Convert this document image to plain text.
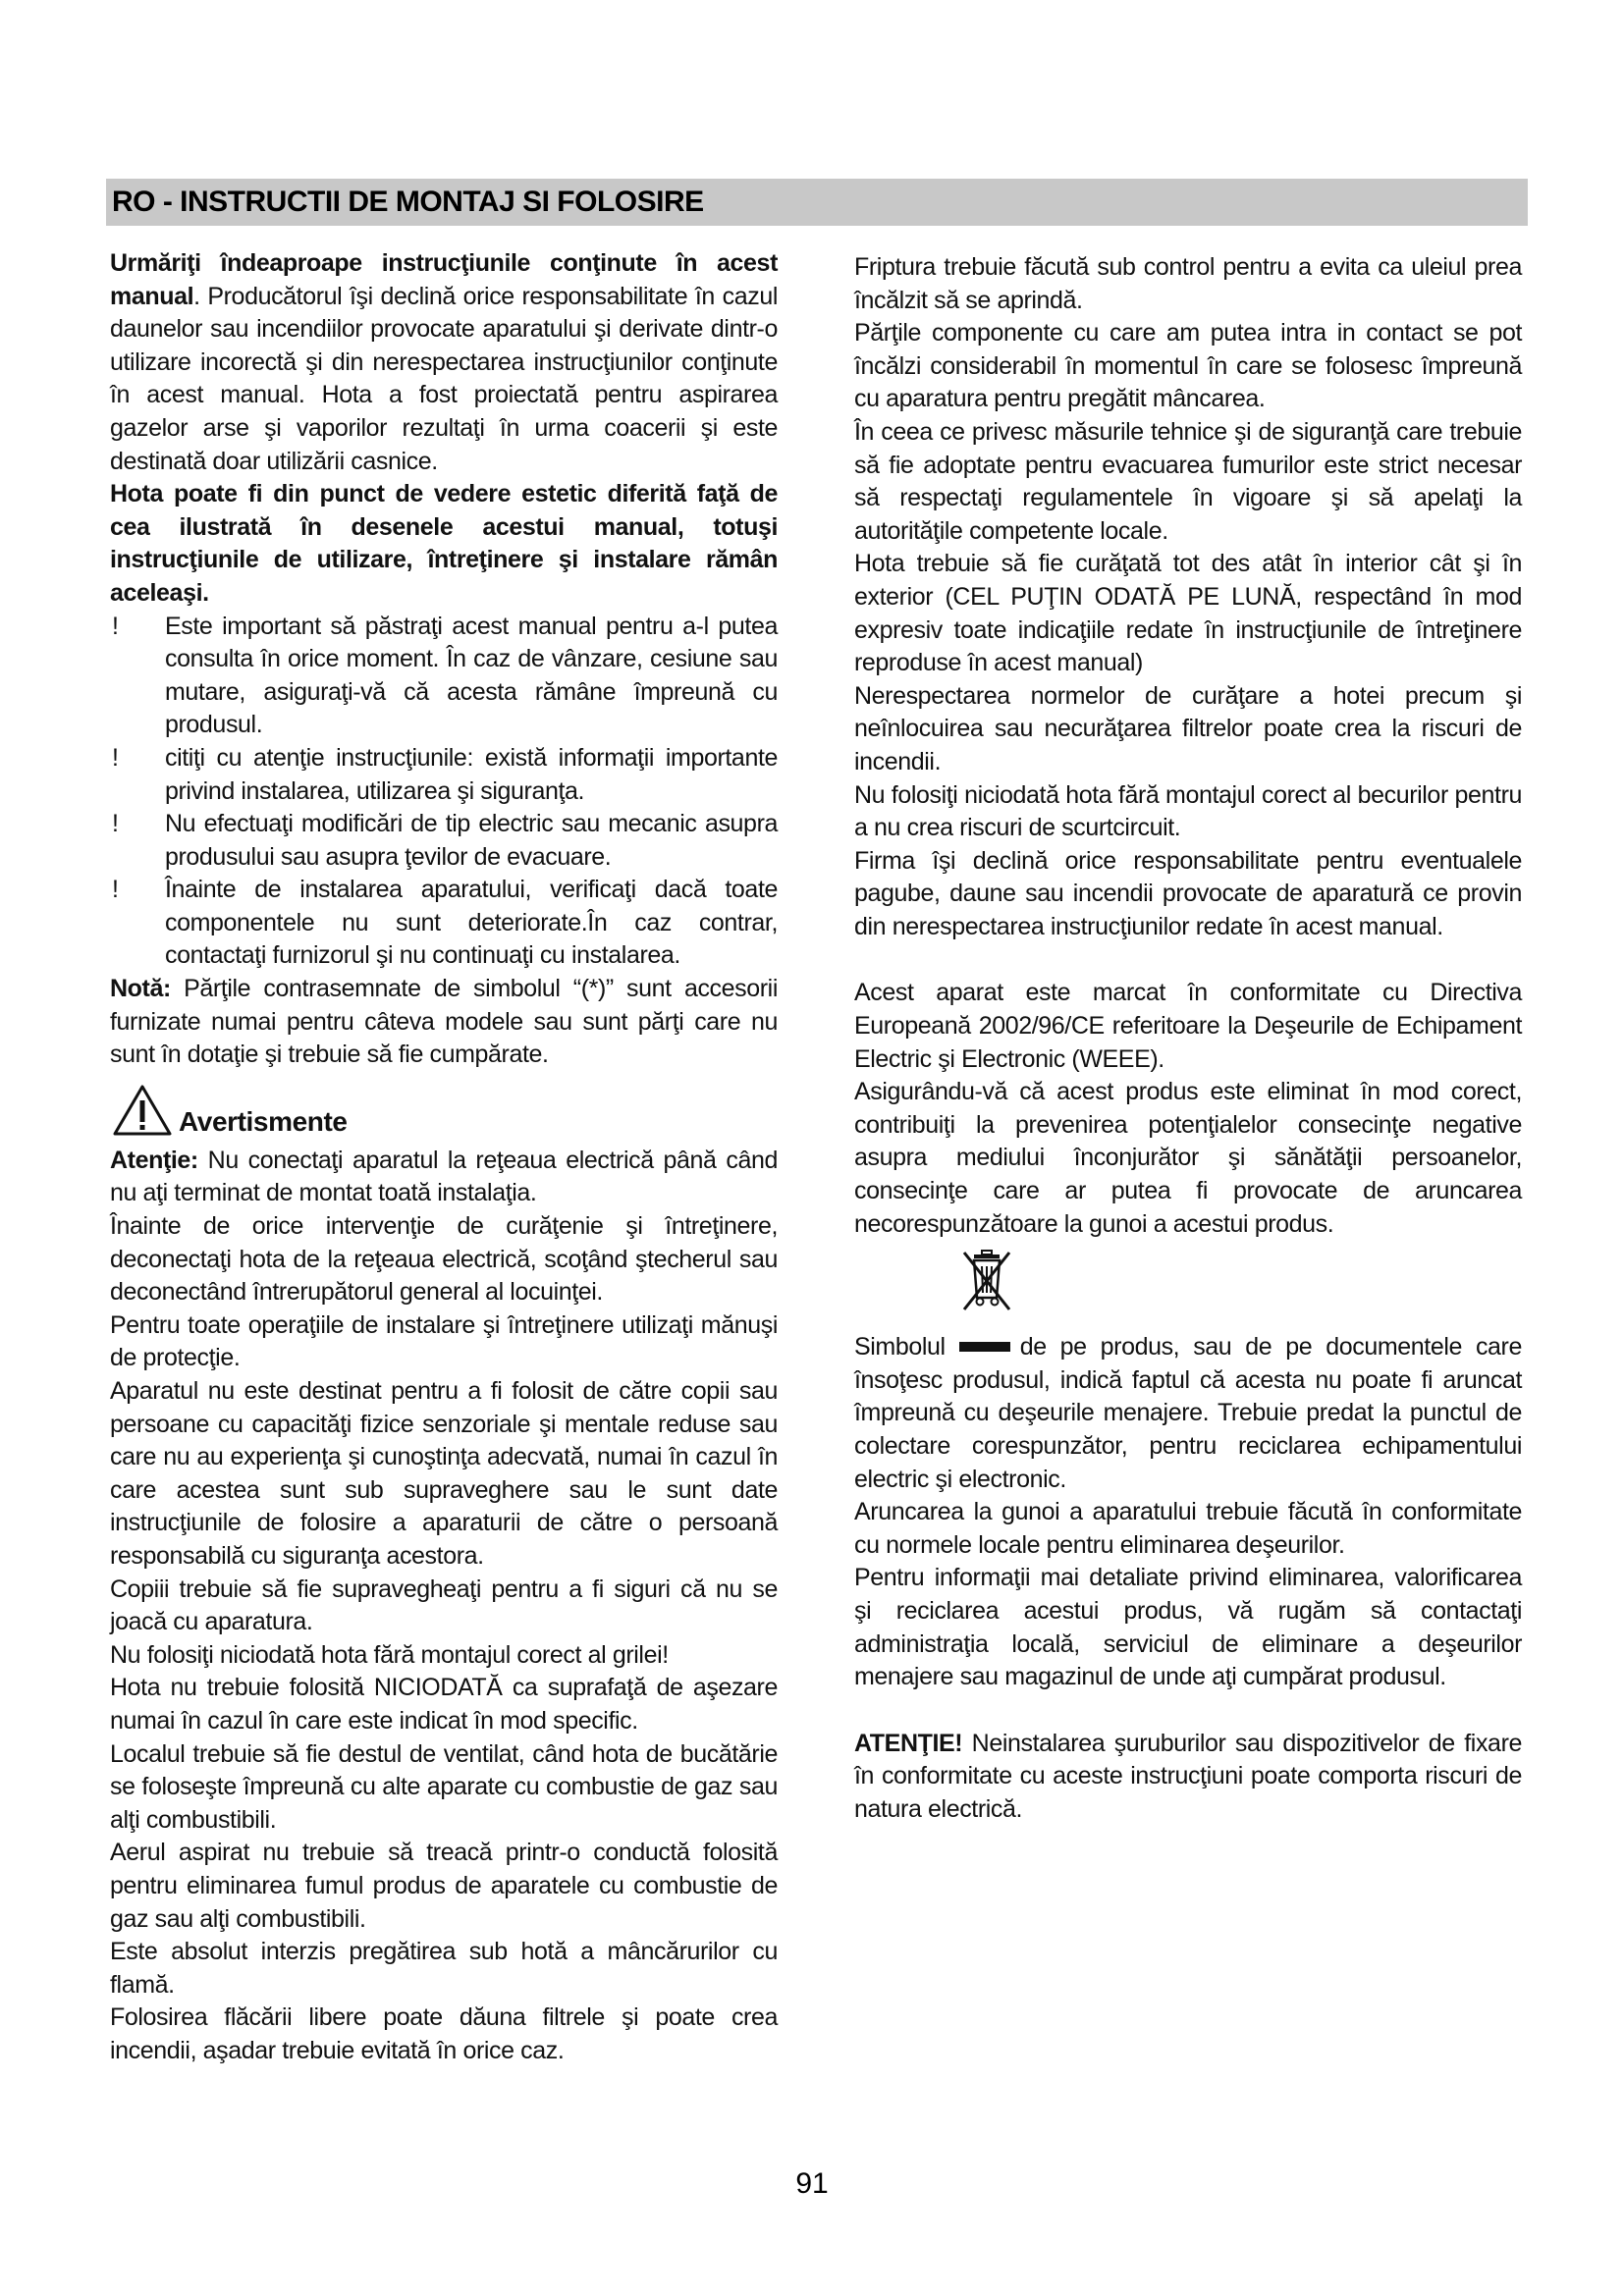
RO - INSTRUCTII DE MONTAJ SI FOLOSIRE

Urmăriţi îndeaproape instrucţiunile conţinute în acest manual. Producătorul îşi declină orice responsabilitate în cazul daunelor sau incendiilor provocate aparatului şi derivate dintr-o utilizare incorectă şi din nerespectarea instrucţiunilor conţinute în acest manual. Hota a fost proiectată pentru aspirarea gazelor arse şi vaporilor rezultaţi în urma coacerii şi este destinată doar utilizării casnice.

Hota poate fi din punct de vedere estetic diferită faţă de cea ilustrată în desenele acestui manual, totuşi instrucţiunile de utilizare, întreţinere şi instalare rămân aceleaşi.

! Este important să păstraţi acest manual pentru a-l putea consulta în orice moment. În caz de vânzare, cesiune sau mutare, asiguraţi-vă că acesta rămâne împreună cu produsul.

! citiţi cu atenţie instrucţiunile: există informaţii importante privind instalarea, utilizarea şi siguranţa.

! Nu efectuaţi modificări de tip electric sau mecanic asupra produsului sau asupra ţevilor de evacuare.

! Înainte de instalarea aparatului, verificaţi dacă toate componentele nu sunt deteriorate.În caz contrar, contactaţi furnizorul şi nu continuaţi cu instalarea.

Notă: Părţile contrasemnate de simbolul “(*)” sunt accesorii furnizate numai pentru câteva modele sau sunt părţi care nu sunt în dotaţie şi trebuie să fie cumpărate.

Avertismente

Atenţie: Nu conectaţi aparatul la reţeaua electrică până când nu aţi terminat de montat toată instalaţia.

Înainte de orice intervenţie de curăţenie şi întreţinere, deconectaţi hota de la reţeaua electrică, scoţând ştecherul sau deconectând întrerupătorul general al locuinţei.

Pentru toate operaţiile de instalare şi întreţinere utilizaţi mănuşi de protecţie.

Aparatul nu este destinat pentru a fi folosit de către copii sau persoane cu capacităţi fizice senzoriale şi mentale reduse sau care nu au experienţa şi cunoştinţa adecvată, numai în cazul în care acestea sunt sub supraveghere sau le sunt date instrucţiunile de folosire a aparaturii de către o persoană responsabilă cu siguranţa acestora.

Copiii trebuie să fie supravegheaţi pentru a fi siguri că nu se joacă cu aparatura.

Nu folosiţi niciodată hota fără montajul corect al grilei!

Hota nu trebuie folosită NICIODATĂ ca suprafaţă de aşezare numai în cazul în care este indicat în mod specific.

Localul trebuie să fie destul de ventilat, când hota de bucătărie se foloseşte împreună cu alte aparate cu combustie de gaz sau alţi combustibili.

Aerul aspirat nu trebuie să treacă printr-o conductă folosită pentru eliminarea fumul produs de aparatele cu combustie de gaz sau alţi combustibili.

Este absolut interzis pregătirea sub hotă a mâncărurilor cu flamă.

Folosirea flăcării libere poate dăuna filtrele şi poate crea incendii, aşadar trebuie evitată în orice caz.

Friptura trebuie făcută sub control pentru a evita ca uleiul prea încălzit să se aprindă.

Părţile componente cu care am putea intra in contact se pot încălzi considerabil în momentul în care se folosesc împreună cu aparatura pentru pregătit mâncarea.

În ceea ce privesc măsurile tehnice şi de siguranţă care trebuie să fie adoptate pentru evacuarea fumurilor este strict necesar să respectaţi regulamentele în vigoare şi să apelaţi la autorităţile competente locale.

Hota trebuie să fie curăţată tot des atât în interior cât şi în exterior (CEL PUŢIN ODATĂ PE LUNĂ, respectând în mod expresiv toate indicaţiile redate în instrucţiunile de întreţinere reproduse în acest manual)

Nerespectarea normelor de curăţare a hotei precum şi neînlocuirea sau necurăţarea filtrelor poate crea la riscuri de incendii.

Nu folosiţi niciodată hota fără montajul corect al becurilor pentru a nu crea riscuri de scurtcircuit.

Firma îşi declină orice responsabilitate pentru eventualele pagube, daune sau incendii provocate de aparatură ce provin din nerespectarea instrucţiunilor redate în acest manual.

Acest aparat este marcat în conformitate cu Directiva Europeană 2002/96/CE referitoare la Deşeurile de Echipament Electric şi Electronic (WEEE).

Asigurându-vă că acest produs este eliminat în mod corect, contribuiţi la prevenirea potenţialelor consecinţe negative asupra mediului înconjurător şi sănătăţii persoanelor, consecinţe care ar putea fi provocate de aruncarea necorespunzătoare la gunoi a acestui produs.

Simbolul	de pe produs, sau de pe documentele care însoţesc produsul, indică faptul că acesta nu poate fi aruncat împreună cu deşeurile menajere. Trebuie predat la punctul de colectare corespunzător, pentru reciclarea echipamentului electric şi electronic.

Aruncarea la gunoi a aparatului trebuie făcută în conformitate cu normele locale pentru eliminarea deşeurilor.

Pentru informaţii mai detaliate privind eliminarea, valorificarea şi reciclarea acestui produs, vă rugăm să contactaţi administraţia locală, serviciul de eliminare a deşeurilor menajere sau magazinul de unde aţi cumpărat produsul.

ATENŢIE! Neinstalarea şuruburilor sau dispozitivelor de fixare în conformitate cu aceste instrucţiuni poate comporta riscuri de natura electrică.

91
